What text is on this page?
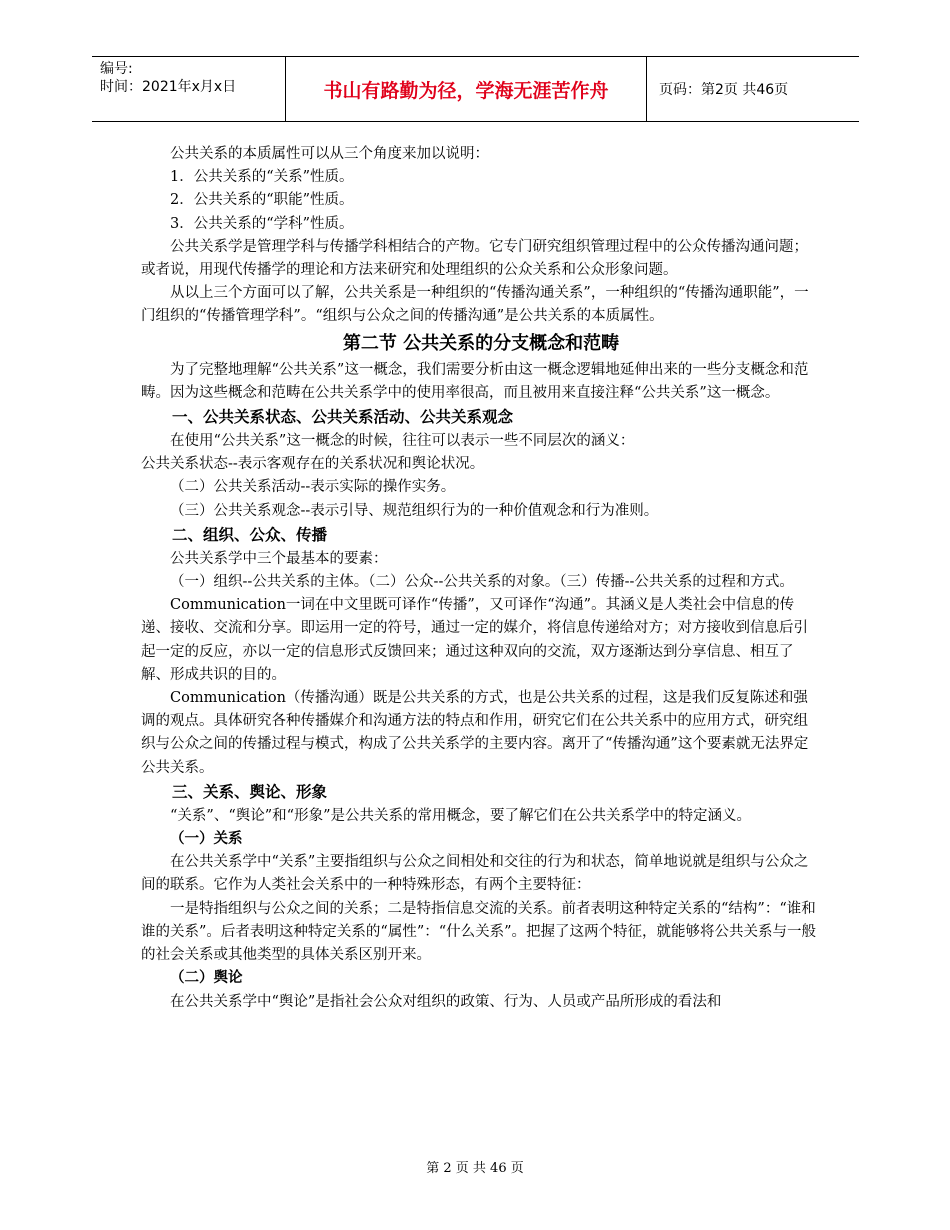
编号:
时间：2021年x月x日	书山有路勤为径，学海无涯苦作舟	页码：第2页 共46页

公共关系的本质属性可以从三个角度来加以说明：

1．公共关系的“关系”性质。

2．公共关系的“职能”性质。

3．公共关系的“学科”性质。

公共关系学是管理学科与传播学科相结合的产物。它专门研究组织管理过程中的公众传播沟通问题；或者说，用现代传播学的理论和方法来研究和处理组织的公众关系和公众形象问题。

从以上三个方面可以了解，公共关系是一种组织的“传播沟通关系”，一种组织的“传播沟通职能”，一门组织的“传播管理学科”。“组织与公众之间的传播沟通”是公共关系的本质属性。

第二节 公共关系的分支概念和范畴

为了完整地理解“公共关系”这一概念，我们需要分析由这一概念逻辑地延伸出来的一些分支概念和范畴。因为这些概念和范畴在公共关系学中的使用率很高，而且被用来直接注释“公共关系”这一概念。

一、公共关系状态、公共关系活动、公共关系观念

在使用“公共关系”这一概念的时候，往往可以表示一些不同层次的涵义：

公共关系状态--表示客观存在的关系状况和舆论状况。

（二）公共关系活动--表示实际的操作实务。

（三）公共关系观念--表示引导、规范组织行为的一种价值观念和行为准则。

二、组织、公众、传播

公共关系学中三个最基本的要素：

（一）组织--公共关系的主体。（二）公众--公共关系的对象。（三）传播--公共关系的过程和方式。

Communication一词在中文里既可译作“传播”，又可译作“沟通”。其涵义是人类社会中信息的传递、接收、交流和分享。即运用一定的符号，通过一定的媒介，将信息传递给对方；对方接收到信息后引起一定的反应，亦以一定的信息形式反馈回来；通过这种双向的交流，双方逐渐达到分享信息、相互了解、形成共识的目的。

Communication（传播沟通）既是公共关系的方式，也是公共关系的过程，这是我们反复陈述和强调的观点。具体研究各种传播媒介和沟通方法的特点和作用，研究它们在公共关系中的应用方式，研究组织与公众之间的传播过程与模式，构成了公共关系学的主要内容。离开了“传播沟通”这个要素就无法界定公共关系。

三、关系、舆论、形象

“关系”、“舆论”和“形象”是公共关系的常用概念，要了解它们在公共关系学中的特定涵义。

（一）关系

在公共关系学中“关系”主要指组织与公众之间相处和交往的行为和状态，简单地说就是组织与公众之间的联系。它作为人类社会关系中的一种特殊形态，有两个主要特征：

一是特指组织与公众之间的关系；二是特指信息交流的关系。前者表明这种特定关系的“结构”：“谁和谁的关系”。后者表明这种特定关系的“属性”：“什么关系”。把握了这两个特征，就能够将公共关系与一般的社会关系或其他类型的具体关系区别开来。

（二）舆论

在公共关系学中“舆论”是指社会公众对组织的政策、行为、人员或产品所形成的看法和

第 2 页 共 46 页
